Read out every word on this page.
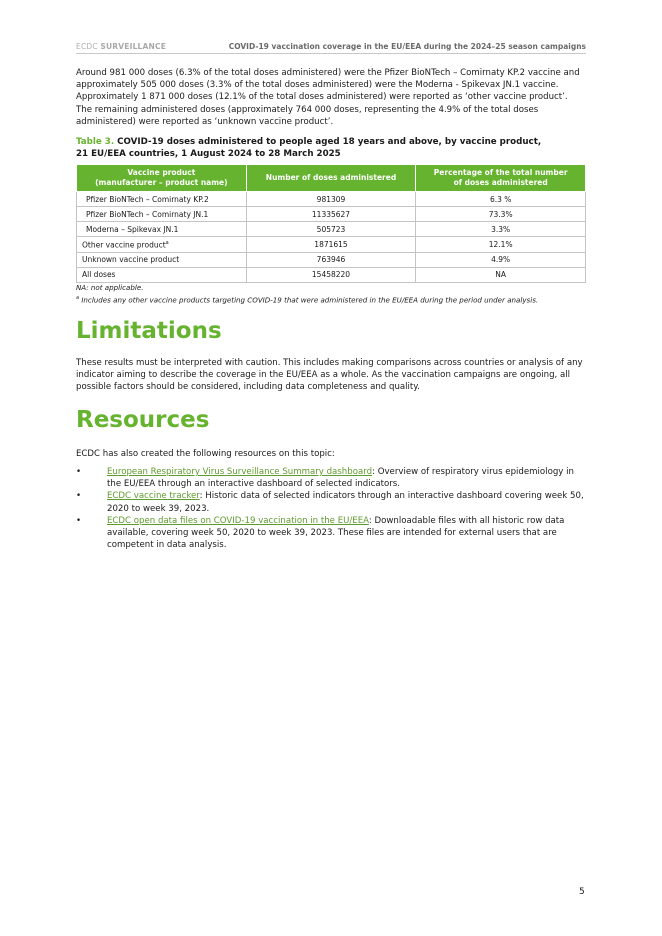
ECDC SURVEILLANCE	COVID-19 vaccination coverage in the EU/EEA during the 2024–25 season campaigns

Around 981 000 doses (6.3% of the total doses administered) were the Pfizer BioNTech – Comirnaty KP.2 vaccine and approximately 505 000 doses (3.3% of the total doses administered) were the Moderna - Spikevax JN.1 vaccine. Approximately 1 871 000 doses (12.1% of the total doses administered) were reported as ‘other vaccine product’. The remaining administered doses (approximately 764 000 doses, representing the 4.9% of the total doses administered) were reported as ‘unknown vaccine product’.

Table 3. COVID-19 doses administered to people aged 18 years and above, by vaccine product,
21 EU/EEA countries, 1 August 2024 to 28 March 2025
Vaccine product
(manufacturer – product name)	Number of doses administered	Percentage of the total number
of doses administered
Pfizer BioNTech – Comirnaty KP.2	981309	6.3 %
Pfizer BioNTech – Comirnaty JN.1	11335627	73.3%
Moderna – Spikevax JN.1	505723	3.3%
Other vaccine product$^a$	1871615	12.1%
Unknown vaccine product	763946	4.9%
All doses	15458220	NA
NA: not applicable.
$^a$ Includes any other vaccine products targeting COVID-19 that were administered in the EU/EEA during the period under analysis.
Limitations

These results must be interpreted with caution. This includes making comparisons across countries or analysis of any indicator aiming to describe the coverage in the EU/EEA as a whole. As the vaccination campaigns are ongoing, all possible factors should be considered, including data completeness and quality.

Resources

ECDC has also created the following resources on this topic:

•	European Respiratory Virus Surveillance Summary dashboard: Overview of respiratory virus epidemiology in the EU/EEA through an interactive dashboard of selected indicators.
•	ECDC vaccine tracker: Historic data of selected indicators through an interactive dashboard covering week 50, 2020 to week 39, 2023.
•	ECDC open data files on COVID-19 vaccination in the EU/EEA: Downloadable files with all historic row data available, covering week 50, 2020 to week 39, 2023. These files are intended for external users that are competent in data analysis.
5
